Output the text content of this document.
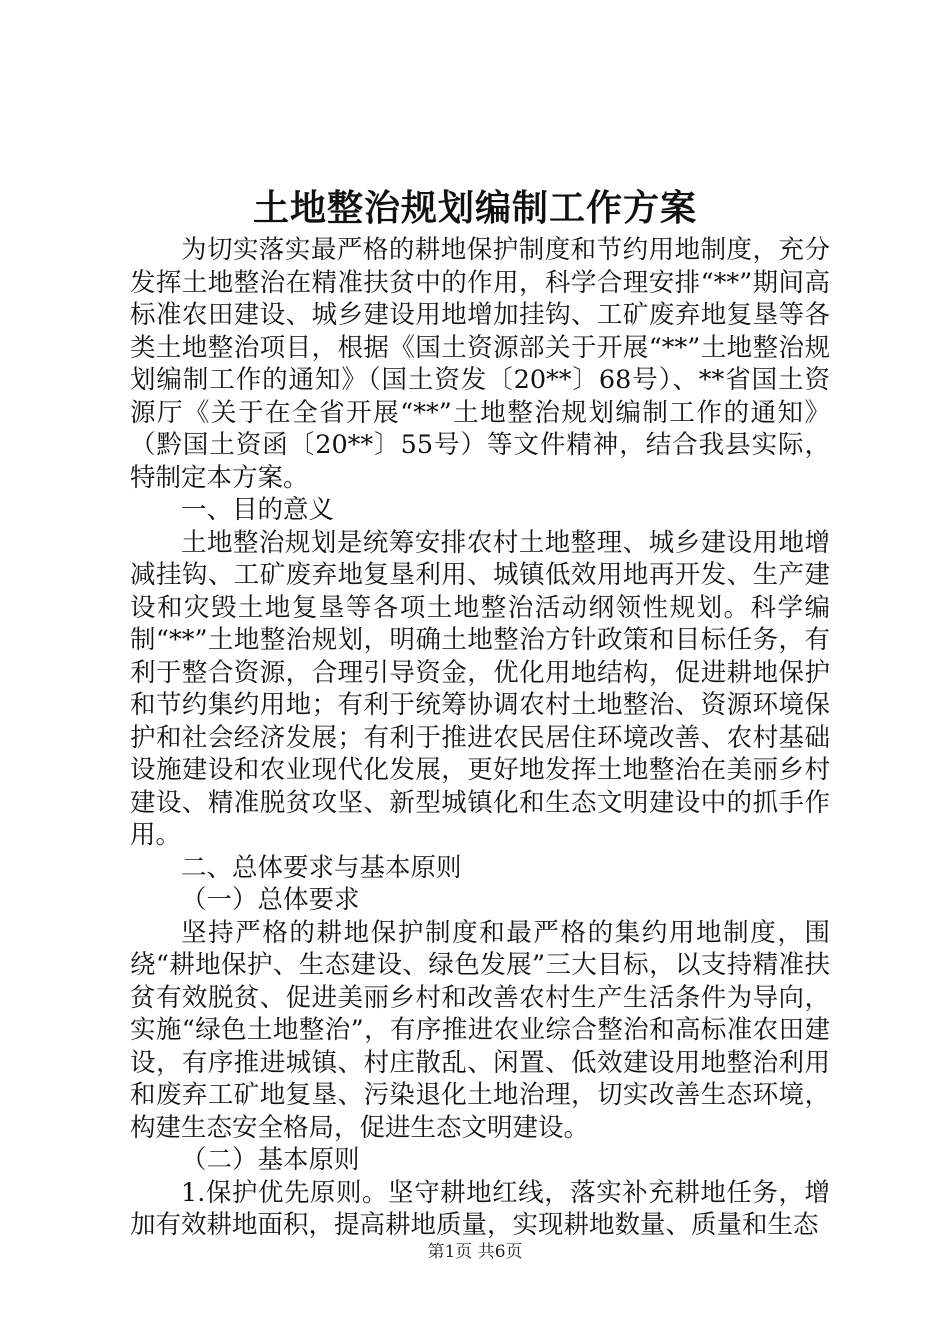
土地整治规划编制工作方案

为切实落实最严格的耕地保护制度和节约用地制度，充分发挥土地整治在精准扶贫中的作用，科学合理安排“**”期间高标准农田建设、城乡建设用地增加挂钩、工矿废弃地复垦等各类土地整治项目，根据《国土资源部关于开展“**”土地整治规划编制工作的通知》（国土资发〔20**〕68号）、**省国土资源厅《关于在全省开展“**”土地整治规划编制工作的通知》（黔国土资函〔20**〕55号）等文件精神，结合我县实际，特制定本方案。

一、目的意义

土地整治规划是统筹安排农村土地整理、城乡建设用地增减挂钩、工矿废弃地复垦利用、城镇低效用地再开发、生产建设和灾毁土地复垦等各项土地整治活动纲领性规划。科学编制“**”土地整治规划，明确土地整治方针政策和目标任务，有利于整合资源，合理引导资金，优化用地结构，促进耕地保护和节约集约用地；有利于统筹协调农村土地整治、资源环境保护和社会经济发展；有利于推进农民居住环境改善、农村基础设施建设和农业现代化发展，更好地发挥土地整治在美丽乡村建设、精准脱贫攻坚、新型城镇化和生态文明建设中的抓手作用。

二、总体要求与基本原则

（一）总体要求

坚持严格的耕地保护制度和最严格的集约用地制度，围绕“耕地保护、生态建设、绿色发展”三大目标，以支持精准扶贫有效脱贫、促进美丽乡村和改善农村生产生活条件为导向，实施“绿色土地整治”，有序推进农业综合整治和高标准农田建设，有序推进城镇、村庄散乱、闲置、低效建设用地整治利用和废弃工矿地复垦、污染退化土地治理，切实改善生态环境，构建生态安全格局，促进生态文明建设。

（二）基本原则

1.保护优先原则。坚守耕地红线，落实补充耕地任务，增加有效耕地面积，提高耕地质量，实现耕地数量、质量和生态

第1页 共6页
